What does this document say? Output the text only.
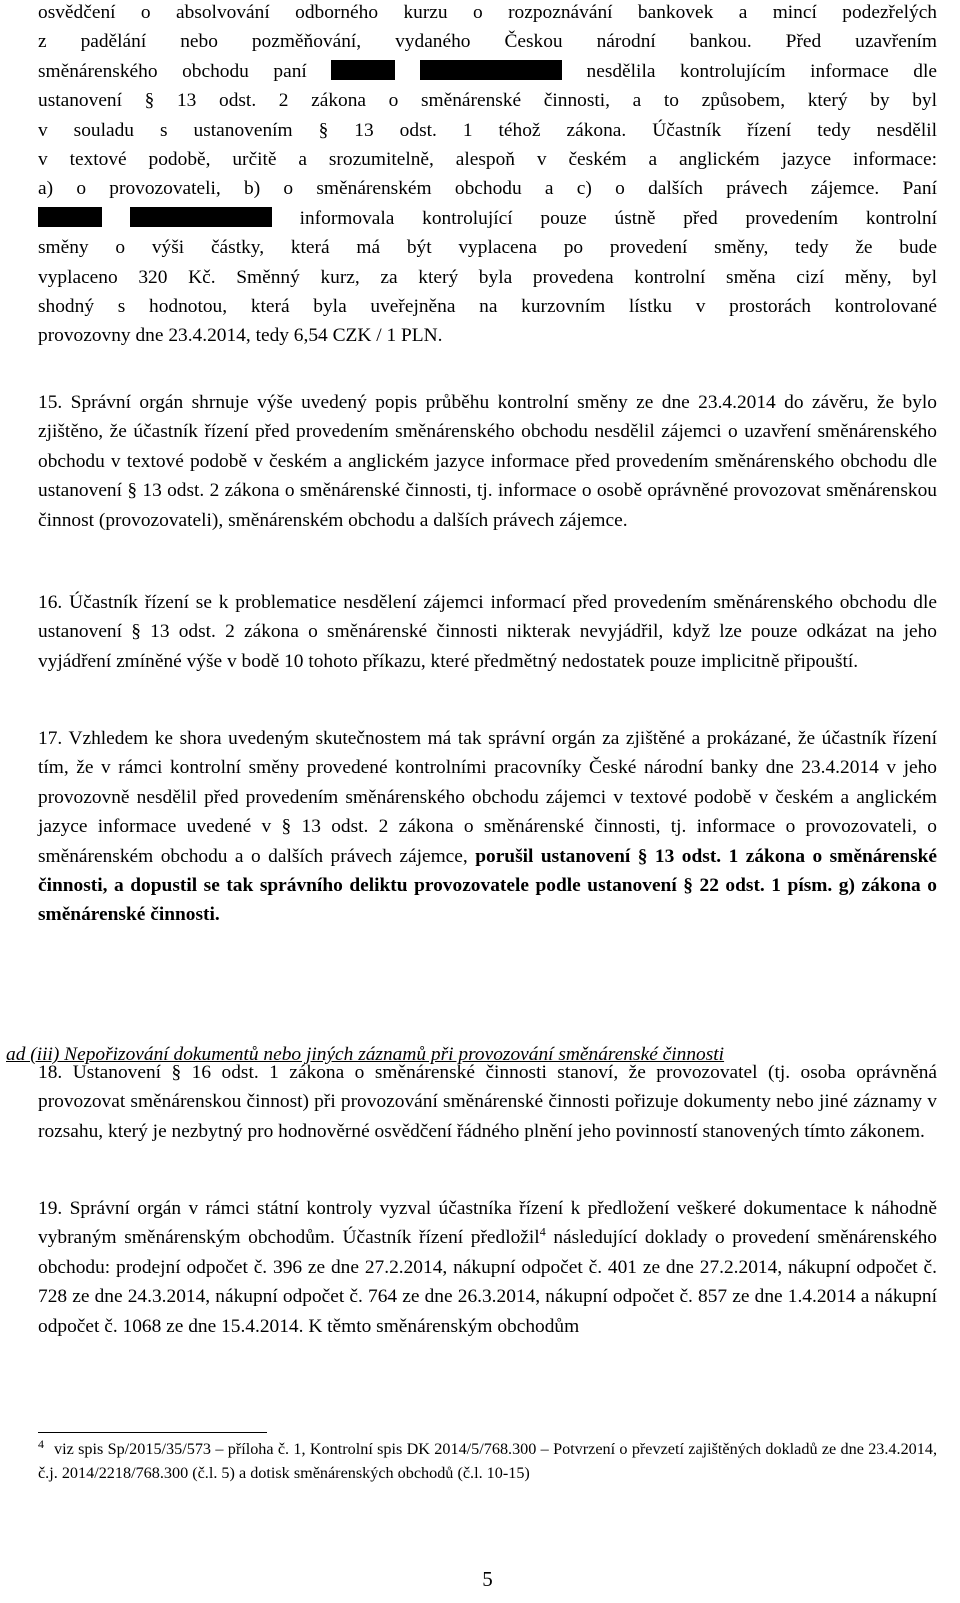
osvědčení o absolvování odborného kurzu o rozpoznávání bankovek a mincí podezřelých

z padělání nebo pozměňování, vydaného Českou národní bankou. Před uzavřením

směnárenského obchodu paní	nesdělila kontrolujícím informace dle

ustanovení § 13 odst. 2 zákona o směnárenské činnosti, a to způsobem, který by byl

v souladu s ustanovením § 13 odst. 1 téhož zákona. Účastník řízení tedy nesdělil

v textové podobě, určitě a srozumitelně, alespoň v českém a anglickém jazyce informace:

a) o provozovateli, b) o směnárenském obchodu a c) o dalších právech zájemce. Paní

informovala kontrolující pouze ústně před provedením kontrolní

směny o výši částky, která má být vyplacena po provedení směny, tedy že bude

vyplaceno 320 Kč. Směnný kurz, za který byla provedena kontrolní směna cizí měny, byl

shodný s hodnotou, která byla uveřejněna na kurzovním lístku v prostorách kontrolované

provozovny dne 23.4.2014, tedy 6,54 CZK / 1 PLN.

15. Správní orgán shrnuje výše uvedený popis průběhu kontrolní směny ze dne 23.4.2014 do závěru, že bylo zjištěno, že účastník řízení před provedením směnárenského obchodu nesdělil zájemci o uzavření směnárenského obchodu v textové podobě v českém a anglickém jazyce informace před provedením směnárenského obchodu dle ustanovení § 13 odst. 2 zákona o směnárenské činnosti, tj. informace o osobě oprávněné provozovat směnárenskou činnost (provozovateli), směnárenském obchodu a dalších právech zájemce.

16. Účastník řízení se k problematice nesdělení zájemci informací před provedením směnárenského obchodu dle ustanovení § 13 odst. 2 zákona o směnárenské činnosti nikterak nevyjádřil, když lze pouze odkázat na jeho vyjádření zmíněné výše v bodě 10 tohoto příkazu, které předmětný nedostatek pouze implicitně připouští.

17. Vzhledem ke shora uvedeným skutečnostem má tak správní orgán za zjištěné a prokázané, že účastník řízení tím, že v rámci kontrolní směny provedené kontrolními pracovníky České národní banky dne 23.4.2014 v jeho provozovně nesdělil před provedením směnárenského obchodu zájemci v textové podobě v českém a anglickém jazyce informace uvedené v § 13 odst. 2 zákona o směnárenské činnosti, tj. informace o provozovateli, o směnárenském obchodu a o dalších právech zájemce, porušil ustanovení § 13 odst. 1 zákona o směnárenské činnosti, a dopustil se tak správního deliktu provozovatele podle ustanovení § 22 odst. 1 písm. g) zákona o směnárenské činnosti.

ad (iii) Nepořizování dokumentů nebo jiných záznamů při provozování směnárenské činnosti

18. Ustanovení § 16 odst. 1 zákona o směnárenské činnosti stanoví, že provozovatel (tj. osoba oprávněná provozovat směnárenskou činnost) při provozování směnárenské činnosti pořizuje dokumenty nebo jiné záznamy v rozsahu, který je nezbytný pro hodnověrné osvědčení řádného plnění jeho povinností stanovených tímto zákonem.

19. Správní orgán v rámci státní kontroly vyzval účastníka řízení k předložení veškeré dokumentace k náhodně vybraným směnárenským obchodům. Účastník řízení předložil$^4$ následující doklady o provedení směnárenského obchodu: prodejní odpočet č. 396 ze dne 27.2.2014, nákupní odpočet č. 401 ze dne 27.2.2014, nákupní odpočet č. 728 ze dne 24.3.2014, nákupní odpočet č. 764 ze dne 26.3.2014, nákupní odpočet č. 857 ze dne 1.4.2014 a nákupní odpočet č. 1068 ze dne 15.4.2014. K těmto směnárenským obchodům

$^4$ viz spis Sp/2015/35/573 – příloha č. 1, Kontrolní spis DK 2014/5/768.300 – Potvrzení o převzetí zajištěných dokladů ze dne 23.4.2014, č.j. 2014/2218/768.300 (č.l. 5) a dotisk směnárenských obchodů (č.l. 10-15)
5
